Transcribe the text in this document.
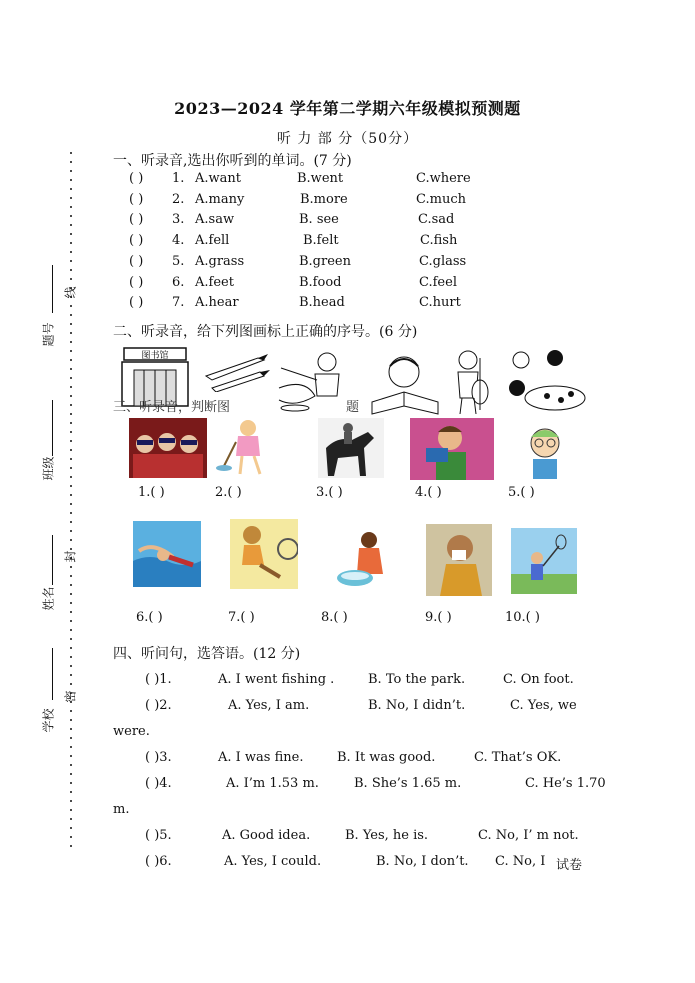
2023—2024 学年第二学期六年级模拟预测题
听 力 部 分（50分）
线
题号
班级
封
姓名
密
学校
一、听录音,选出你听到的单词。(7 分)
( ) 1. A.want	B.went	C.where
( ) 2. A.many	B.more	C.much
( ) 3. A.saw	B. see	C.sad
( ) 4. A.fell	B.felt	C.fish
( ) 5. A.grass	B.green	C.glass
( ) 6. A.feet	B.food	C.feel
( ) 7. A.hear	B.head	C.hurt
二、听录音，给下列图画标上正确的序号。(6 分)
图书馆
三、听录音，判断图	题
1.( )	2.( )	3.( )	4.( )	5.( )
6.( )	7.( )	8.( )	9.( )	10.( )
四、听问句，选答语。(12 分)
( )1.	A. I went fishing .	B. To the park.	C. On foot.
( )2.	A. Yes, I am.	B. No, I didn’t.	C. Yes, we
were.
( )3.	A. I was fine.	B. It was good.	C. That’s OK.
( )4.	A. I’m 1.53 m.	B. She’s 1.65 m.	C. He’s 1.70
m.
( )5.	A. Good idea.	B. Yes, he is.	C. No, I’ m not.
( )6.	A. Yes, I could.	B. No, I don’t. C. No, I 试卷
